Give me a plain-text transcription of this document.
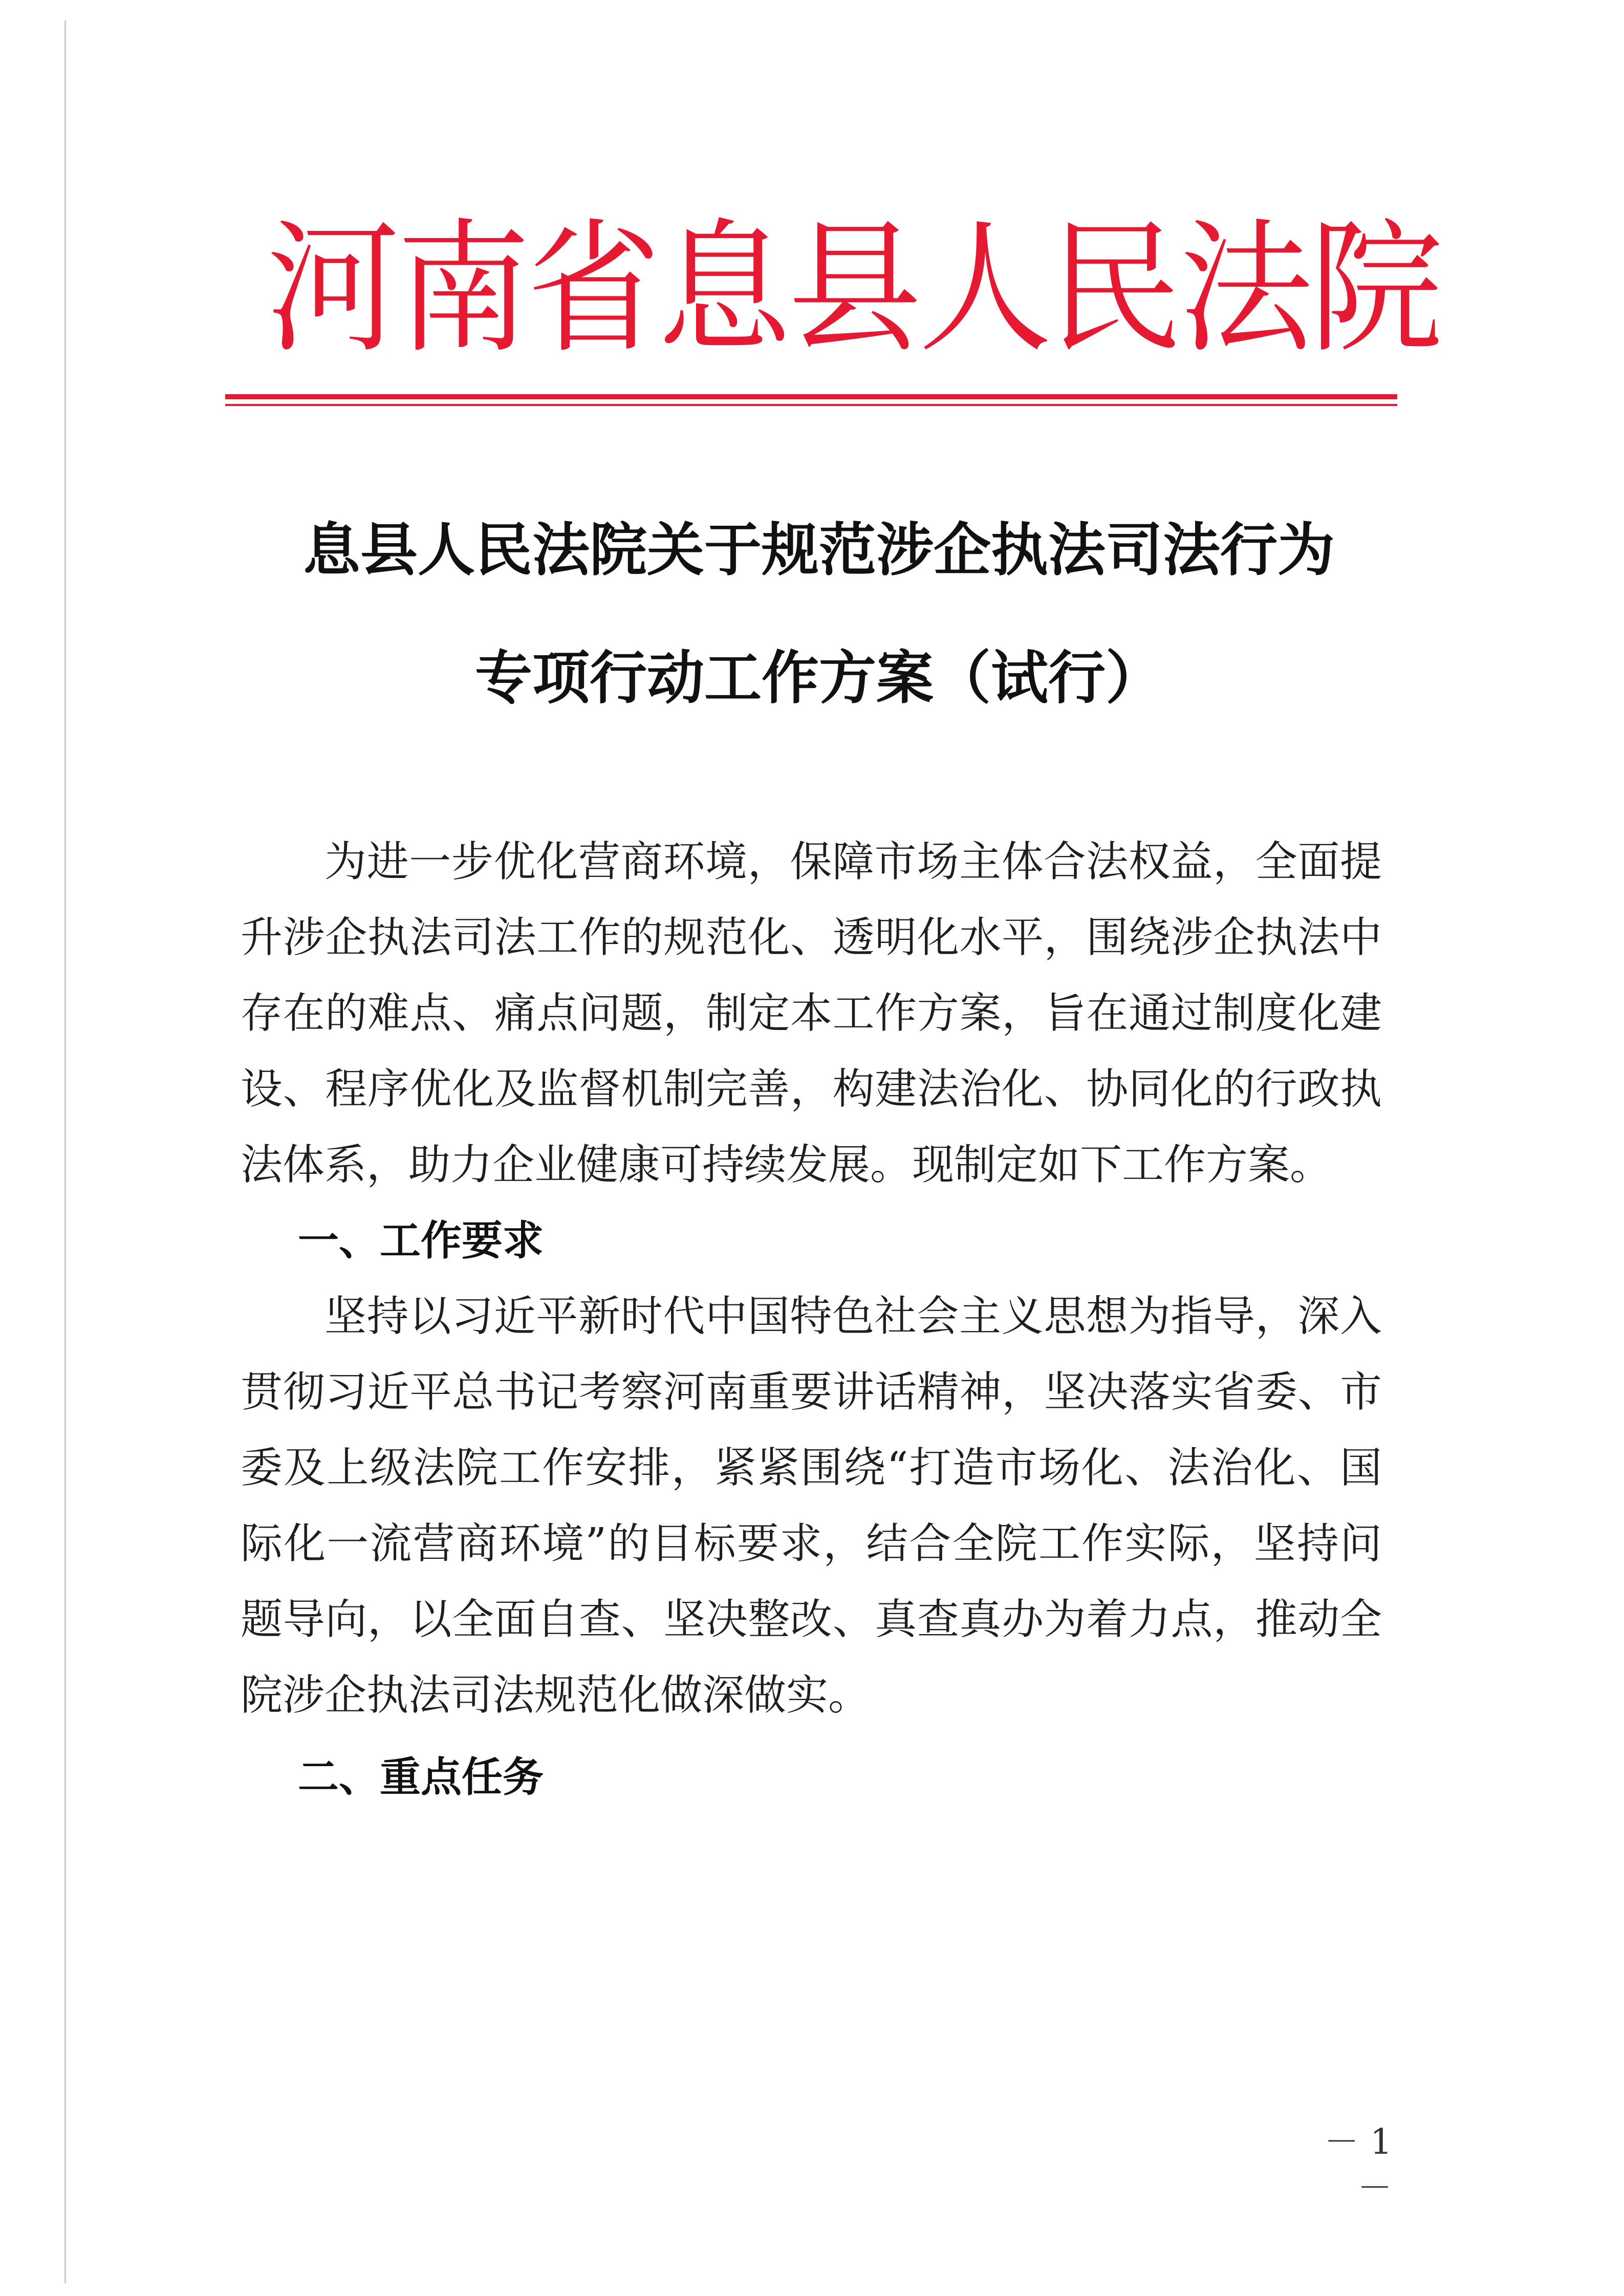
河南省息县人民法院
息县人民法院关于规范涉企执法司法行为
专项行动工作方案（试行）

为进一步优化营商环境，保障市场主体合法权益，全面提升涉企执法司法工作的规范化、透明化水平，围绕涉企执法中存在的难点、痛点问题，制定本工作方案，旨在通过制度化建设、程序优化及监督机制完善，构建法治化、协同化的行政执法体系，助力企业健康可持续发展。现制定如下工作方案。

一、工作要求

坚持以习近平新时代中国特色社会主义思想为指导，深入贯彻习近平总书记考察河南重要讲话精神，坚决落实省委、市委及上级法院工作安排，紧紧围绕“打造市场化、法治化、国际化一流营商环境”的目标要求，结合全院工作实际，坚持问题导向，以全面自查、坚决整改、真查真办为着力点，推动全院涉企执法司法规范化做深做实。

二、重点任务
－ 1 －
